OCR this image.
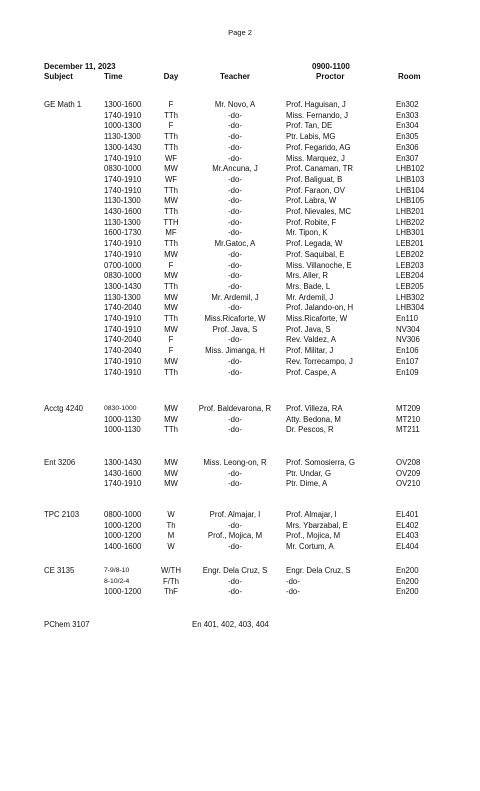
Page 2
December 11, 2023	0900-1100
Subject	Time	Day	Teacher	Proctor	Room
GE Math 1	1300-1600	F	Mr. Novo, A	Prof. Haguisan, J	En302
1740-1910	TTh	-do-	Miss. Fernando, J	En303
1000-1300	F	-do-	Prof. Tan, DE	En304
1130-1300	TTh	-do-	Ptr. Labis, MG	En305
1300-1430	TTh	-do-	Prof. Fegarido, AG	En306
1740-1910	WF	-do-	Miss. Marquez, J	En307
0830-1000	MW	Mr.Ancuna, J	Prof. Canaman, TR	LHB102
1740-1910	WF	-do-	Prof. Baliguat, B	LHB103
1740-1910	TTh	-do-	Prof. Faraon, OV	LHB104
1130-1300	MW	-do-	Prof. Labra, W	LHB105
1430-1600	TTh	-do-	Prof. Nievales, MC	LHB201
1130-1300	TTH	-do-	Prof. Robite, F	LHB202
1600-1730	MF	-do-	Mr. Tipon, K	LHB301
1740-1910	TTh	Mr.Gatoc, A	Prof. Legada, W	LEB201
1740-1910	MW	-do-	Prof. Saquibal, E	LEB202
0700-1000	F	-do-	Miss. Villanoche, E	LEB203
0830-1000	MW	-do-	Mrs. Aller, R	LEB204
1300-1430	TTh	-do-	Mrs. Bade, L	LEB205
1130-1300	MW	Mr. Ardemil, J	Mr. Ardemil, J	LHB302
1740-2040	MW	-do-	Prof. Jalando-on, H	LHB304
1740-1910	TTh	Miss.Ricaforte, W	Miss.Ricaforte, W	En110
1740-1910	MW	Prof. Java, S	Prof. Java, S	NV304
1740-2040	F	-do-	Rev. Valdez, A	NV306
1740-2040	F	Miss. Jimanga, H	Prof. Militar, J	En106
1740-1910	MW	-do-	Rev. Torrecampo, J	En107
1740-1910	TTh	-do-	Prof. Caspe, A	En109
Acctg 4240	0830-1000	MW	Prof. Baldevarona, R	Prof. Villeza, RA	MT209
1000-1130	MW	-do-	Atty. Bedona, M	MT210
1000-1130	TTh	-do-	Dr. Pescos, R	MT211
Ent 3206	1300-1430	MW	Miss. Leong-on, R	Prof. Somosierra, G	OV208
1430-1600	MW	-do-	Ptr. Undar, G	OV209
1740-1910	MW	-do-	Ptr. Dime, A	OV210
TPC 2103	0800-1000	W	Prof. Almajar, I	Prof. Almajar, I	EL401
1000-1200	Th	-do-	Mrs. Ybarzabal, E	EL402
1000-1200	M	Prof., Mojica, M	Prof., Mojica, M	EL403
1400-1600	W	-do-	Mr. Cortum, A	EL404
CE 3135	7-9/8-10	W/TH	Engr. Dela Cruz, S	Engr. Dela Cruz, S	En200
8-10/2-4	F/Th	-do-	-do-	En200
1000-1200	ThF	-do-	-do-	En200
PChem 3107	En 401, 402, 403, 404
